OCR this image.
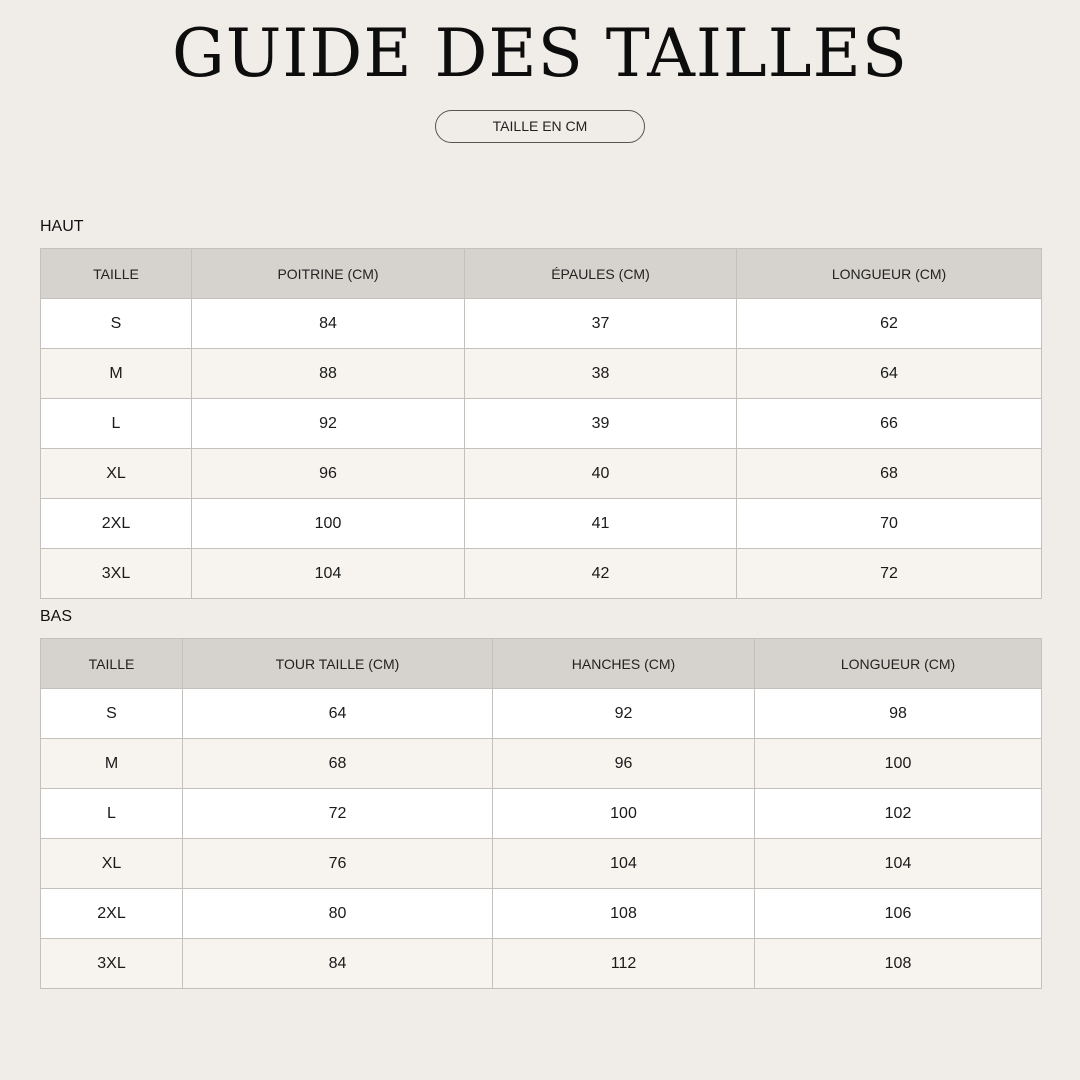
GUIDE DES TAILLES
TAILLE EN CM
HAUT
TAILLE	POITRINE (CM)	ÉPAULES (CM)	LONGUEUR (CM)
S	84	37	62
M	88	38	64
L	92	39	66
XL	96	40	68
2XL	100	41	70
3XL	104	42	72
BAS
TAILLE	TOUR TAILLE (CM)	HANCHES (CM)	LONGUEUR (CM)
S	64	92	98
M	68	96	100
L	72	100	102
XL	76	104	104
2XL	80	108	106
3XL	84	112	108
